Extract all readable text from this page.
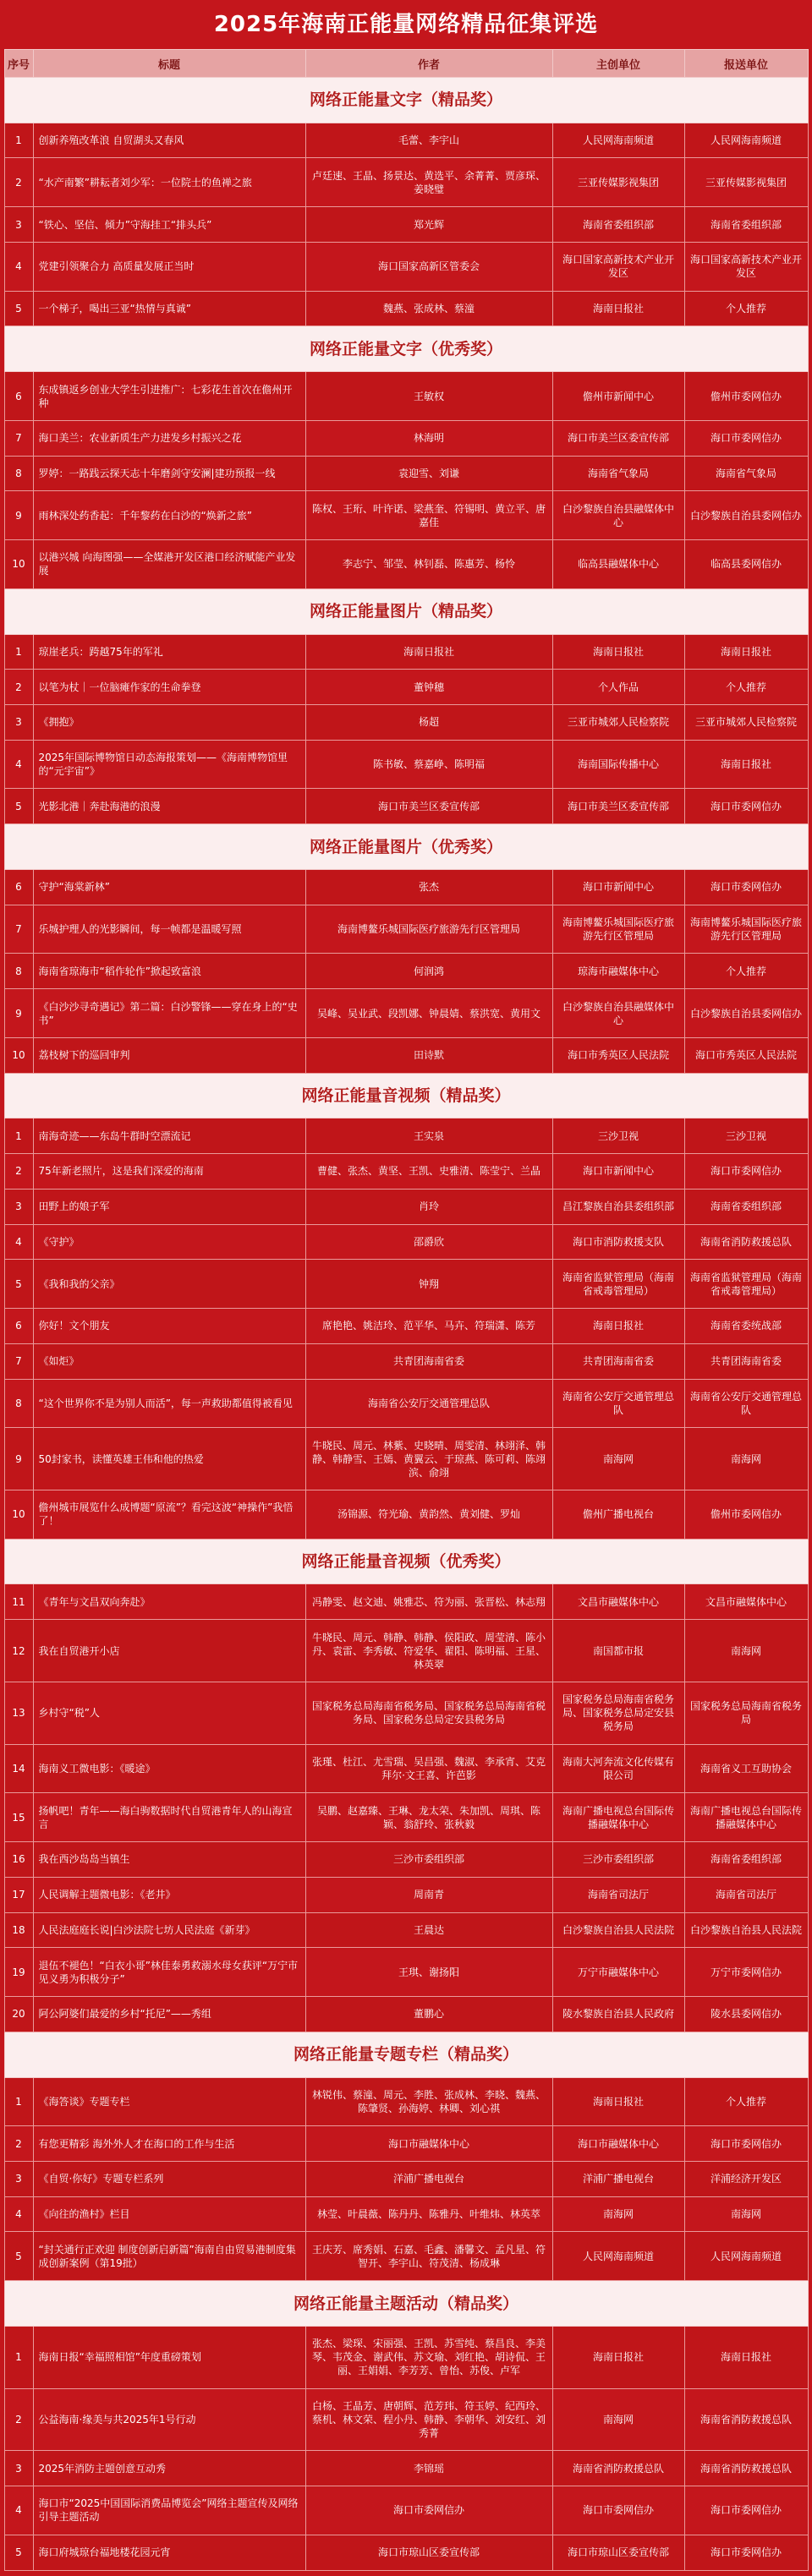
2025年海南正能量网络精品征集评选
序号	标题	作者	主创单位	报送单位
网络正能量文字（精品奖）				
1	创新养殖改革浪 自贸湖头又春风	毛蕾、李宇山	人民网海南频道	人民网海南频道
2	“水产南繁”耕耘者刘少军：一位院士的鱼禅之旅	卢廷速、王晶、扬景达、黄选平、余菁菁、贾彦琛、姜晓璧	三亚传媒影视集团	三亚传媒影视集团
3	“铁心、坚信、倾力”守海挂工“排头兵”	郑光辉	海南省委组织部	海南省委组织部
4	党建引领聚合力 高质量发展正当时	海口国家高新区管委会	海口国家高新技术产业开发区	海口国家高新技术产业开发区
5	一个梯子，喝出三亚“热情与真诚”	魏燕、张成林、蔡潼	海南日报社	个人推荐
网络正能量文字（优秀奖）				
6	东成镇返乡创业大学生引进推广：七彩花生首次在儋州开种	王敏权	儋州市新闻中心	儋州市委网信办
7	海口美兰：农业新质生产力进发乡村振兴之花	林海明	海口市美兰区委宣传部	海口市委网信办
8	罗婷：一路践云探天志十年磨剑守安澜|建功预报一线	袁迎雪、刘谦	海南省气象局	海南省气象局
9	雨林深处药香起：千年黎药在白沙的“焕新之旅”	陈权、王珩、叶许诺、梁燕奎、符锡明、黄立平、唐嘉佳	白沙黎族自治县融媒体中心	白沙黎族自治县委网信办
10	以港兴城 向海图强——全媒港开发区港口经济赋能产业发展	李志宁、邹莹、林钊磊、陈惠芳、杨怜	临高县融媒体中心	临高县委网信办
网络正能量图片（精品奖）				
1	琼崖老兵：跨越75年的军礼	海南日报社	海南日报社	海南日报社
2	以笔为杖｜一位脑瘫作家的生命拳登	董钟穗	个人作品	个人推荐
3	《拥抱》	杨超	三亚市城郊人民检察院	三亚市城郊人民检察院
4	2025年国际博物馆日动态海报策划——《海南博物馆里的“元宇宙”》	陈书敏、蔡嘉峥、陈明福	海南国际传播中心	海南日报社
5	光影北港｜奔赴海港的浪漫	海口市美兰区委宣传部	海口市美兰区委宣传部	海口市委网信办
网络正能量图片（优秀奖）				
6	守护“海棠新林”	张杰	海口市新闻中心	海口市委网信办
7	乐城护理人的光影瞬间，每一帧都是温暖写照	海南博鳌乐城国际医疗旅游先行区管理局	海南博鳌乐城国际医疗旅游先行区管理局	海南博鳌乐城国际医疗旅游先行区管理局
8	海南省琼海市“稻作轮作”掀起致富浪	何润鸿	琼海市融媒体中心	个人推荐
9	《白沙沙寻奇遇记》第二篇：白沙警锋——穿在身上的“史书”	吴峰、吴业武、段凯娜、钟晨婧、蔡洪宽、黄用文	白沙黎族自治县融媒体中心	白沙黎族自治县委网信办
10	荔枝树下的巡回审判	田诗默	海口市秀英区人民法院	海口市秀英区人民法院
网络正能量音视频（精品奖）				
1	南海奇迹——东岛牛群时空漂流记	王实泉	三沙卫视	三沙卫视
2	75年新老照片，这是我们深爱的海南	曹健、张杰、黄坚、王凯、史雅清、陈莹宁、兰晶	海口市新闻中心	海口市委网信办
3	田野上的娘子军	肖玲	昌江黎族自治县委组织部	海南省委组织部
4	《守护》	邵爵欣	海口市消防救援支队	海南省消防救援总队
5	《我和我的父亲》	钟翔	海南省监狱管理局（海南省戒毒管理局）	海南省监狱管理局（海南省戒毒管理局）
6	你好！文个朋友	席艳艳、姚洁玲、范平华、马卉、符瑞潇、陈芳	海南日报社	海南省委统战部
7	《如炬》	共青团海南省委	共青团海南省委	共青团海南省委
8	“这个世界你不是为别人而活”，每一声救助都值得被看见	海南省公安厅交通管理总队	海南省公安厅交通管理总队	海南省公安厅交通管理总队
9	50封家书，读懂英雄王伟和他的热爱	牛晓民、周元、林紫、史晓晴、周雯清、林翊泽、韩静、韩静雪、王嫣、黄翼云、于琼燕、陈可莉、陈翊滨、俞翊	南海网	南海网
10	儋州城市展览什么成博题“原流”？看完这波“神操作”我悟了！	汤锦源、符光瑜、黄韵然、黄刘健、罗灿	儋州广播电视台	儋州市委网信办
网络正能量音视频（优秀奖）				
11	《青年与文昌双向奔赴》	冯静雯、赵文迪、姚雅芯、符为丽、张晋松、林志翔	文昌市融媒体中心	文昌市融媒体中心
12	我在自贸港开小店	牛晓民、周元、韩静、韩静、侯阳政、周莹清、陈小丹、袁雷、李秀敏、符爱华、翟阳、陈明福、王星、林英翠	南国都市报	南海网
13	乡村守“税”人	国家税务总局海南省税务局、国家税务总局海南省税务局、国家税务总局定安县税务局	国家税务总局海南省税务局、国家税务总局定安县税务局	国家税务总局海南省税务局
14	海南义工微电影：《暖途》	张瑾、杜江、尤雪瑞、吴昌强、魏淑、李承宵、艾克拜尔·文王喜、许芭影	海南大河奔流文化传媒有限公司	海南省义工互助协会
15	扬帆吧！青年——海白驹数据时代自贸港青年人的山海宣言	吴鹏、赵嘉臻、王琳、龙太荣、朱加凯、周琪、陈颖、翁舒玲、张秋毅	海南广播电视总台国际传播融媒体中心	海南广播电视总台国际传播融媒体中心
16	我在西沙岛岛当镇生	三沙市委组织部	三沙市委组织部	海南省委组织部
17	人民调解主题微电影：《老井》	周南青	海南省司法厅	海南省司法厅
18	人民法庭庭长说|白沙法院七坊人民法庭《新芽》	王晨达	白沙黎族自治县人民法院	白沙黎族自治县人民法院
19	退伍不褪色！“白衣小哥”林佳泰勇救溺水母女获评“万宁市见义勇为积极分子”	王琪、谢扬阳	万宁市融媒体中心	万宁市委网信办
20	阿公阿婆们最爱的乡村“托尼”——秀组	董鹏心	陵水黎族自治县人民政府	陵水县委网信办
网络正能量专题专栏（精品奖）				
1	《海答谈》专题专栏	林锐伟、蔡潼、周元、李胜、张成林、李晓、魏燕、陈肇贤、孙海婷、林卿、刘心祺	海南日报社	个人推荐
2	有您更精彩 海外外人才在海口的工作与生活	海口市融媒体中心	海口市融媒体中心	海口市委网信办
3	《自贸·你好》专题专栏系列	洋浦广播电视台	洋浦广播电视台	洋浦经济开发区
4	《向往的渔村》栏目	林莹、叶晨薇、陈丹丹、陈雅丹、叶维炜、林英萃	南海网	南海网
5	“封关通行正欢迎 制度创新启新篇”海南自由贸易港制度集成创新案例（第19批）	王庆芳、席秀娟、石嘉、毛鑫、潘馨文、孟凡星、符智开、李宇山、符茂清、杨成琳	人民网海南频道	人民网海南频道
网络正能量主题活动（精品奖）				
1	海南日报“幸福照相馆”年度重磅策划	张杰、梁琛、宋丽强、王凯、苏雪纯、蔡昌良、李美琴、韦茂金、谢武伟、苏文瑜、刘红艳、胡诗侃、王丽、王娟娟、李芳芳、曾怡、苏俊、卢军	海南日报社	海南日报社
2	公益海南·缘美与共2025年1号行动	白杨、王晶芳、唐朝辉、范芳玮、符玉婷、纪西玲、蔡机、林文荣、程小丹、韩静、李朝华、刘安红、刘秀菁	南海网	海南省消防救援总队
3	2025年消防主题创意互动秀	李锦瑶	海南省消防救援总队	海南省消防救援总队
4	海口市“2025中国国际消费品博览会”网络主题宣传及网络引导主题活动	海口市委网信办	海口市委网信办	海口市委网信办
5	海口府城琼台福地楼花园元宵	海口市琼山区委宣传部	海口市琼山区委宣传部	海口市委网信办
